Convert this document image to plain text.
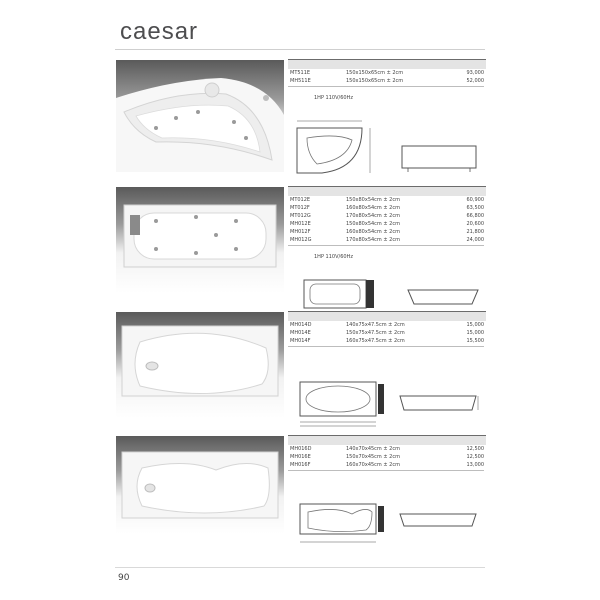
caesar
MT511E	150x150x65cm ± 2cm	93,000
MH511E	150x150x65cm ± 2cm	52,000
1HP 110V/60Hz
MT012E	150x80x54cm ± 2cm	60,900
MT012F	160x80x54cm ± 2cm	63,500
MT012G	170x80x54cm ± 2cm	66,800
MH012E	150x80x54cm ± 2cm	20,600
MH012F	160x80x54cm ± 2cm	21,800
MH012G	170x80x54cm ± 2cm	24,000
1HP 110V/60Hz
MH014D	140x75x47.5cm ± 2cm	15,000
MH014E	150x75x47.5cm ± 2cm	15,000
MH014F	160x75x47.5cm ± 2cm	15,500
MH016D	140x70x45cm ± 2cm	12,500
MH016E	150x70x45cm ± 2cm	12,500
MH016F	160x70x45cm ± 2cm	13,000
90
